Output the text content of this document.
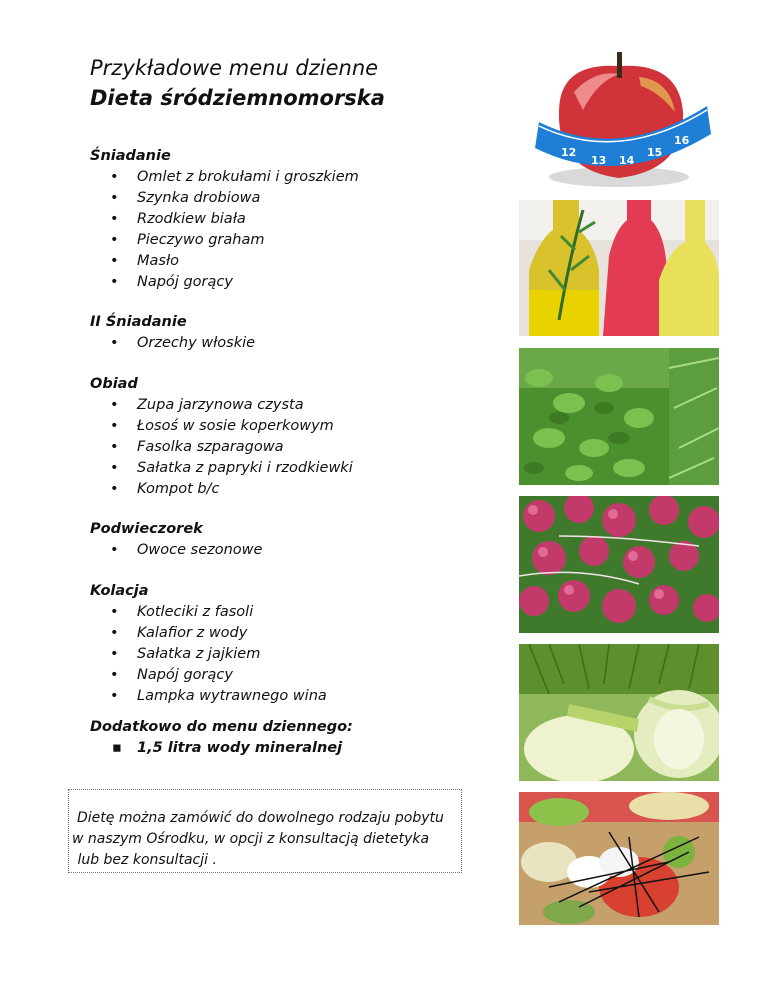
Przykładowe menu dzienne
Dieta śródziemnomorska
Śniadanie
• Omlet z brokułami i groszkiem
• Szynka drobiowa
• Rzodkiew biała
• Pieczywo graham
• Masło
• Napój gorący
II Śniadanie
• Orzechy włoskie
Obiad
• Zupa jarzynowa czysta
• Łosoś w sosie koperkowym
• Fasolka szparagowa
• Sałatka z papryki i rzodkiewki
• Kompot b/c
Podwieczorek
• Owoce sezonowe
Kolacja
• Kotleciki z fasoli
• Kalafior z wody
• Sałatka z jajkiem
• Napój gorący
• Lampka wytrawnego wina
Dodatkowo do menu dziennego:
▪ 1,5 litra wody mineralnej
Dietę można zamówić do dowolnego rodzaju pobytu
w naszym Ośrodku, w opcji z konsultacją dietetyka
lub bez konsultacji .
12
13 14
15
16
